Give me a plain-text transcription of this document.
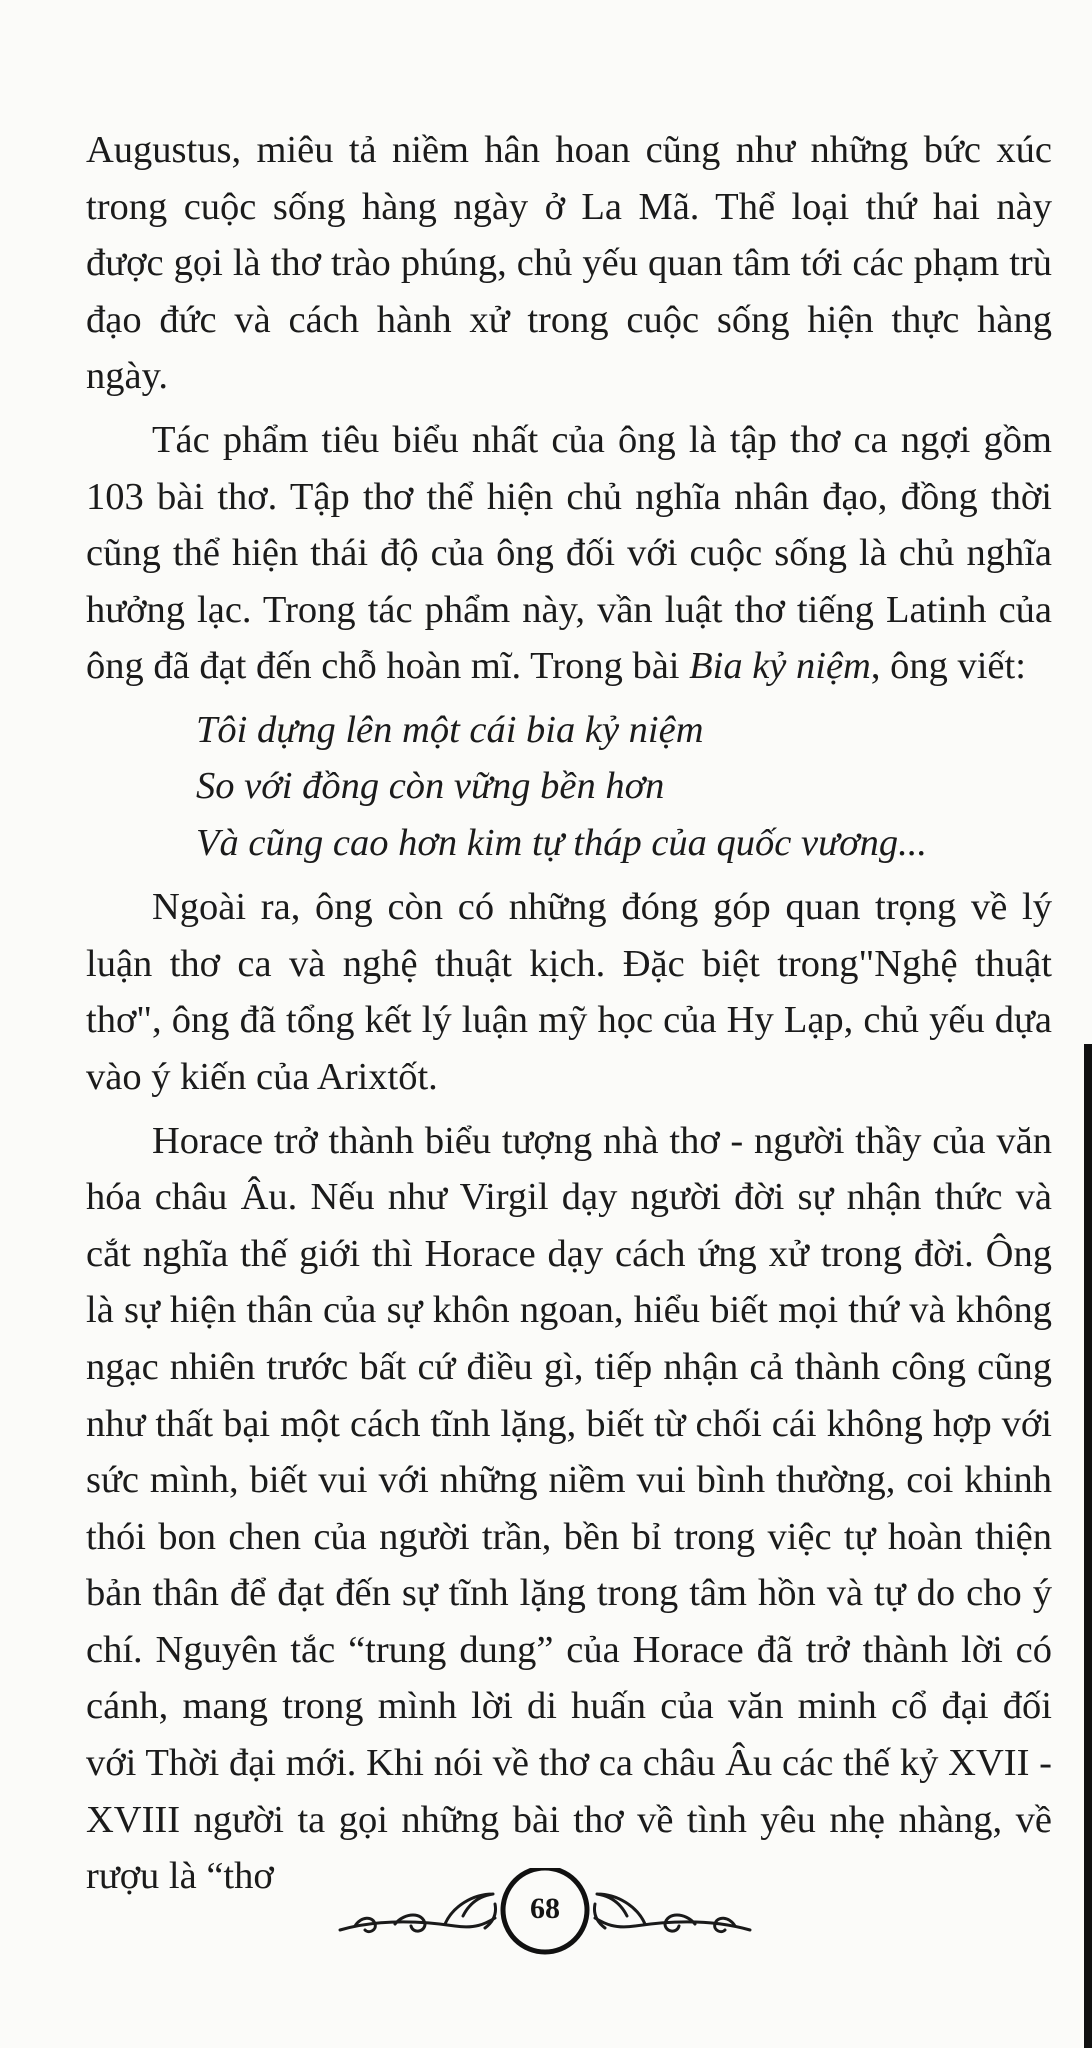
Augustus, miêu tả niềm hân hoan cũng như những bức xúc trong cuộc sống hàng ngày ở La Mã. Thể loại thứ hai này được gọi là thơ trào phúng, chủ yếu quan tâm tới các phạm trù đạo đức và cách hành xử trong cuộc sống hiện thực hàng ngày.

Tác phẩm tiêu biểu nhất của ông là tập thơ ca ngợi gồm 103 bài thơ. Tập thơ thể hiện chủ nghĩa nhân đạo, đồng thời cũng thể hiện thái độ của ông đối với cuộc sống là chủ nghĩa hưởng lạc. Trong tác phẩm này, vần luật thơ tiếng Latinh của ông đã đạt đến chỗ hoàn mĩ. Trong bài Bia kỷ niệm, ông viết:

Tôi dựng lên một cái bia kỷ niệm

So với đồng còn vững bền hơn

Và cũng cao hơn kim tự tháp của quốc vương...

Ngoài ra, ông còn có những đóng góp quan trọng về lý luận thơ ca và nghệ thuật kịch. Đặc biệt trong"Nghệ thuật thơ", ông đã tổng kết lý luận mỹ học của Hy Lạp, chủ yếu dựa vào ý kiến của Arixtốt.

Horace trở thành biểu tượng nhà thơ - người thầy của văn hóa châu Âu. Nếu như Virgil dạy người đời sự nhận thức và cắt nghĩa thế giới thì Horace dạy cách ứng xử trong đời. Ông là sự hiện thân của sự khôn ngoan, hiểu biết mọi thứ và không ngạc nhiên trước bất cứ điều gì, tiếp nhận cả thành công cũng như thất bại một cách tĩnh lặng, biết từ chối cái không hợp với sức mình, biết vui với những niềm vui bình thường, coi khinh thói bon chen của người trần, bền bỉ trong việc tự hoàn thiện bản thân để đạt đến sự tĩnh lặng trong tâm hồn và tự do cho ý chí. Nguyên tắc “trung dung” của Horace đã trở thành lời có cánh, mang trong mình lời di huấn của văn minh cổ đại đối với Thời đại mới. Khi nói về thơ ca châu Âu các thế kỷ XVII - XVIII người ta gọi những bài thơ về tình yêu nhẹ nhàng, về rượu là “thơ

68
